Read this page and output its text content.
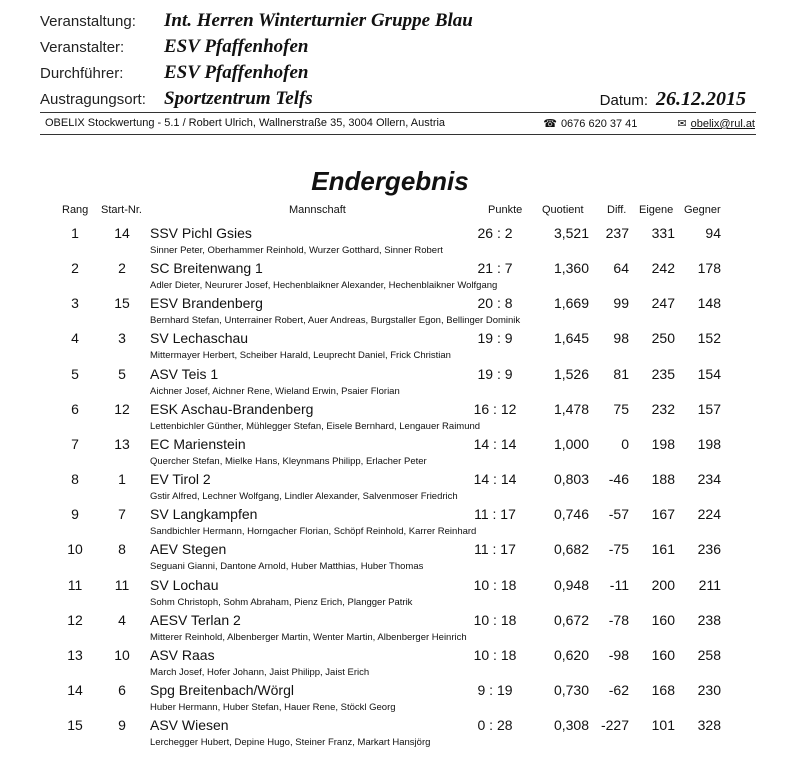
Veranstaltung:	Int. Herren Winterturnier Gruppe Blau
Veranstalter:	ESV Pfaffenhofen
Durchführer:	ESV Pfaffenhofen
Austragungsort: Sportzentrum Telfs	Datum: 26.12.2015
OBELIX Stockwertung - 5.1 / Robert Ulrich, Wallnerstraße 35, 3004 Ollern, Austria	☎ 0676 620 37 41	✉ obelix@rul.at
Endergebnis
Rang Start-Nr.	Mannschaft	Punkte Quotient Diff. Eigene Gegner
1	14	SSV Pichl Gsies	26 : 2	3,521	237	331	94
Sinner Peter, Oberhammer Reinhold, Wurzer Gotthard, Sinner Robert
2	2	SC Breitenwang 1	21 : 7	1,360	64	242	178
Adler Dieter, Neururer Josef, Hechenblaikner Alexander, Hechenblaikner Wolfgang
3	15	ESV Brandenberg	20 : 8	1,669	99	247	148
Bernhard Stefan, Unterrainer Robert, Auer Andreas, Burgstaller Egon, Bellinger Dominik
4	3	SV Lechaschau	19 : 9	1,645	98	250	152
Mittermayer Herbert, Scheiber Harald, Leuprecht Daniel, Frick Christian
5	5	ASV Teis 1	19 : 9	1,526	81	235	154
Aichner Josef, Aichner Rene, Wieland Erwin, Psaier Florian
6	12	ESK Aschau-Brandenberg	16 : 12	1,478	75	232	157
Lettenbichler Günther, Mühlegger Stefan, Eisele Bernhard, Lengauer Raimund
7	13	EC Marienstein	14 : 14	1,000	0	198	198
Quercher Stefan, Mielke Hans, Kleynmans Philipp, Erlacher Peter
8	1	EV Tirol 2	14 : 14	0,803	-46	188	234
Gstir Alfred, Lechner Wolfgang, Lindler Alexander, Salvenmoser Friedrich
9	7	SV Langkampfen	11 : 17	0,746	-57	167	224
Sandbichler Hermann, Horngacher Florian, Schöpf Reinhold, Karrer Reinhard
10	8	AEV Stegen	11 : 17	0,682	-75	161	236
Seguani Gianni, Dantone Arnold, Huber Matthias, Huber Thomas
11	11	SV Lochau	10 : 18	0,948	-11	200	211
Sohm Christoph, Sohm Abraham, Pienz Erich, Plangger Patrik
12	4	AESV Terlan 2	10 : 18	0,672	-78	160	238
Mitterer Reinhold, Albenberger Martin, Wenter Martin, Albenberger Heinrich
13	10	ASV Raas	10 : 18	0,620	-98	160	258
March Josef, Hofer Johann, Jaist Philipp, Jaist Erich
14	6	Spg Breitenbach/Wörgl	9 : 19	0,730	-62	168	230
Huber Hermann, Huber Stefan, Hauer Rene, Stöckl Georg
15	9	ASV Wiesen	0 : 28	0,308 -227	101	328
Lerchegger Hubert, Depine Hugo, Steiner Franz, Markart Hansjörg
